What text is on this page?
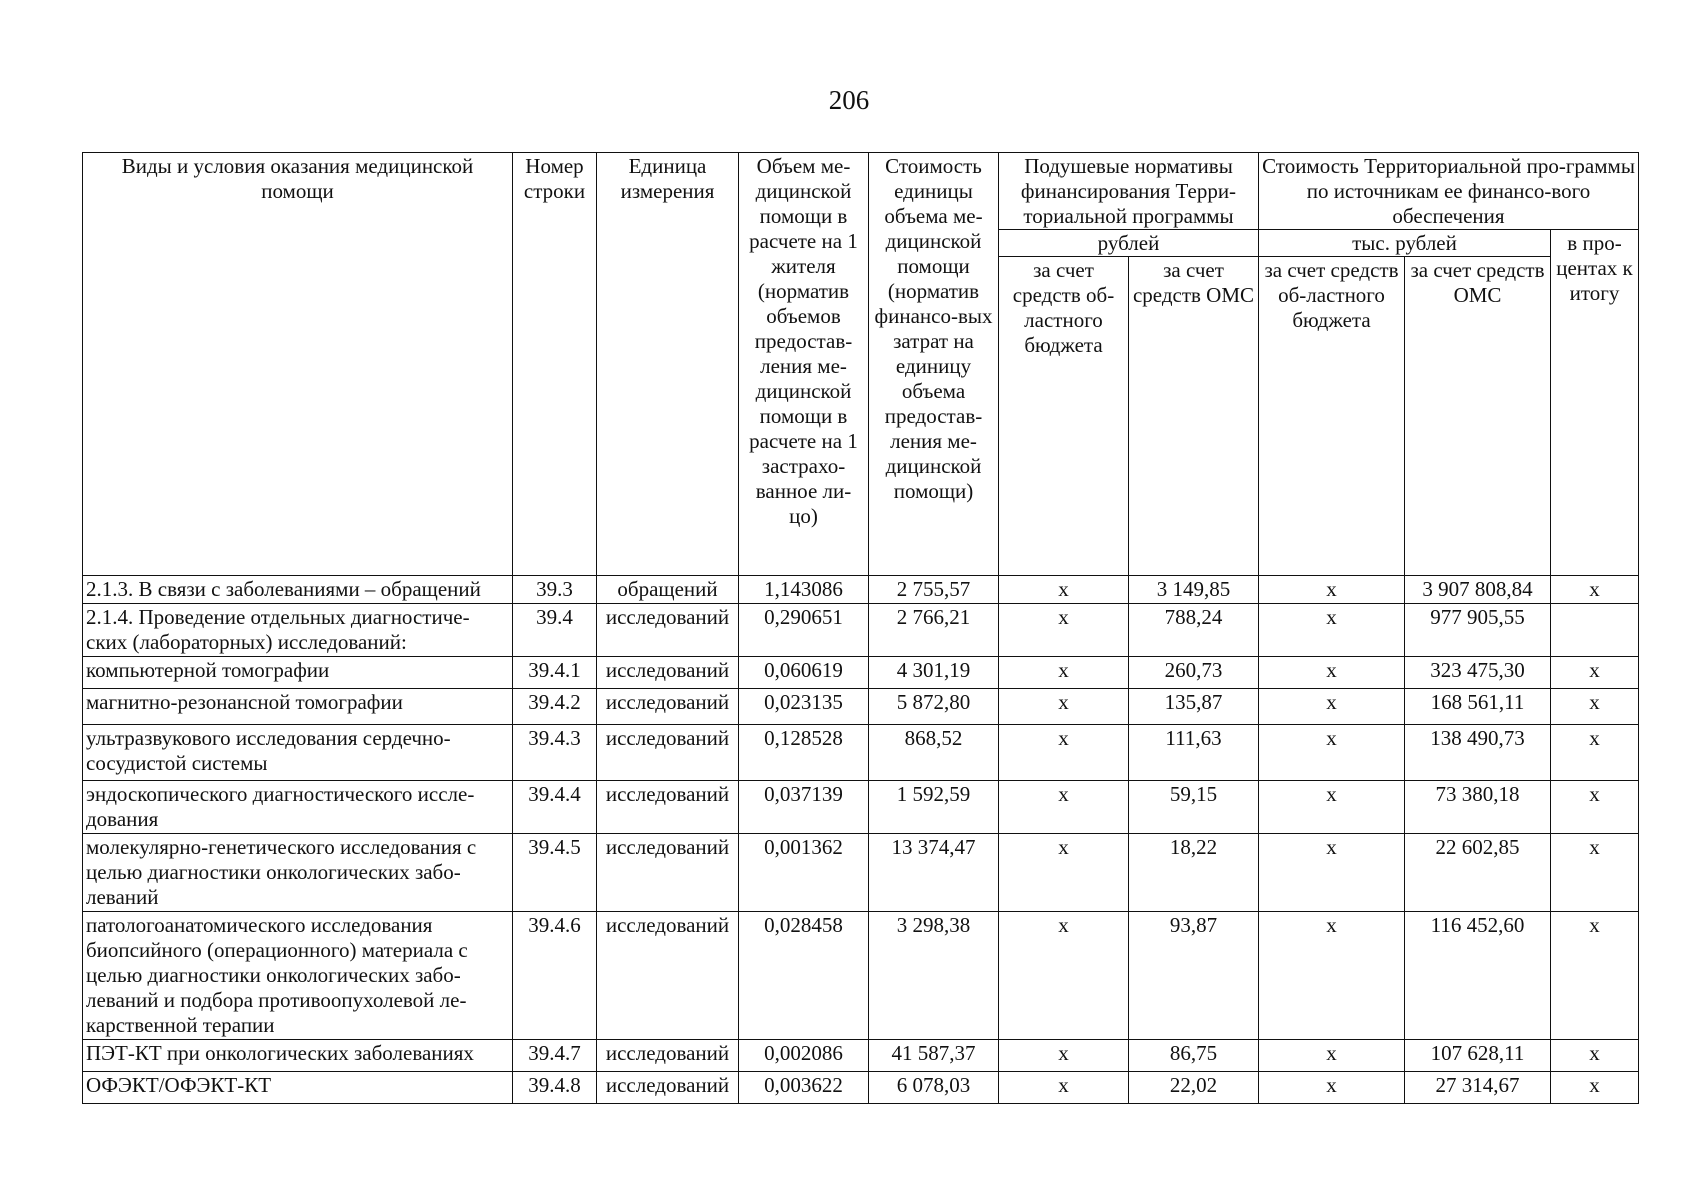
206
Виды и условия оказания медицинской помощи	Номер строки	Единица измерения	Объем ме-дицинской помощи в расчете на 1 жителя (норматив объемов предостав-ления ме-дицинской помощи в расчете на 1 застрахо-ванное ли-цо)	Стоимость единицы объема ме-дицинской помощи (норматив финансо-вых затрат на единицу объема предостав-ления ме-дицинской помощи)	Подушевые нормативы финансирования Терри-ториальной программы		Стоимость Территориальной про-граммы по источникам ее финансо-вого обеспечения		
					рублей		тыс. рублей		в про-центах к итогу
					за счет средств об-ластного бюджета	за счет средств ОМС	за счет средств об-ластного бюджета	за счет средств ОМС	
2.1.3. В связи с заболеваниями – обращений	39.3	обращений	1,143086	2 755,57	х	3 149,85	х	3 907 808,84	х
2.1.4. Проведение отдельных диагностиче-ских (лабораторных) исследований:	39.4	исследований	0,290651	2 766,21	х	788,24	х	977 905,55	
компьютерной томографии	39.4.1	исследований	0,060619	4 301,19	х	260,73	х	323 475,30	х
магнитно-резонансной томографии	39.4.2	исследований	0,023135	5 872,80	х	135,87	х	168 561,11	х
ультразвукового исследования сердечно-сосудистой системы	39.4.3	исследований	0,128528	868,52	х	111,63	х	138 490,73	х
эндоскопического диагностического иссле-дования	39.4.4	исследований	0,037139	1 592,59	х	59,15	х	73 380,18	х
молекулярно-генетического исследования с целью диагностики онкологических забо-леваний	39.4.5	исследований	0,001362	13 374,47	х	18,22	х	22 602,85	х
патологоанатомического исследования биопсийного (операционного) материала с целью диагностики онкологических забо-леваний и подбора противоопухолевой ле-карственной терапии	39.4.6	исследований	0,028458	3 298,38	х	93,87	х	116 452,60	х
ПЭТ-КТ при онкологических заболеваниях	39.4.7	исследований	0,002086	41 587,37	х	86,75	х	107 628,11	х
ОФЭКТ/ОФЭКТ-КТ	39.4.8	исследований	0,003622	6 078,03	х	22,02	х	27 314,67	х
